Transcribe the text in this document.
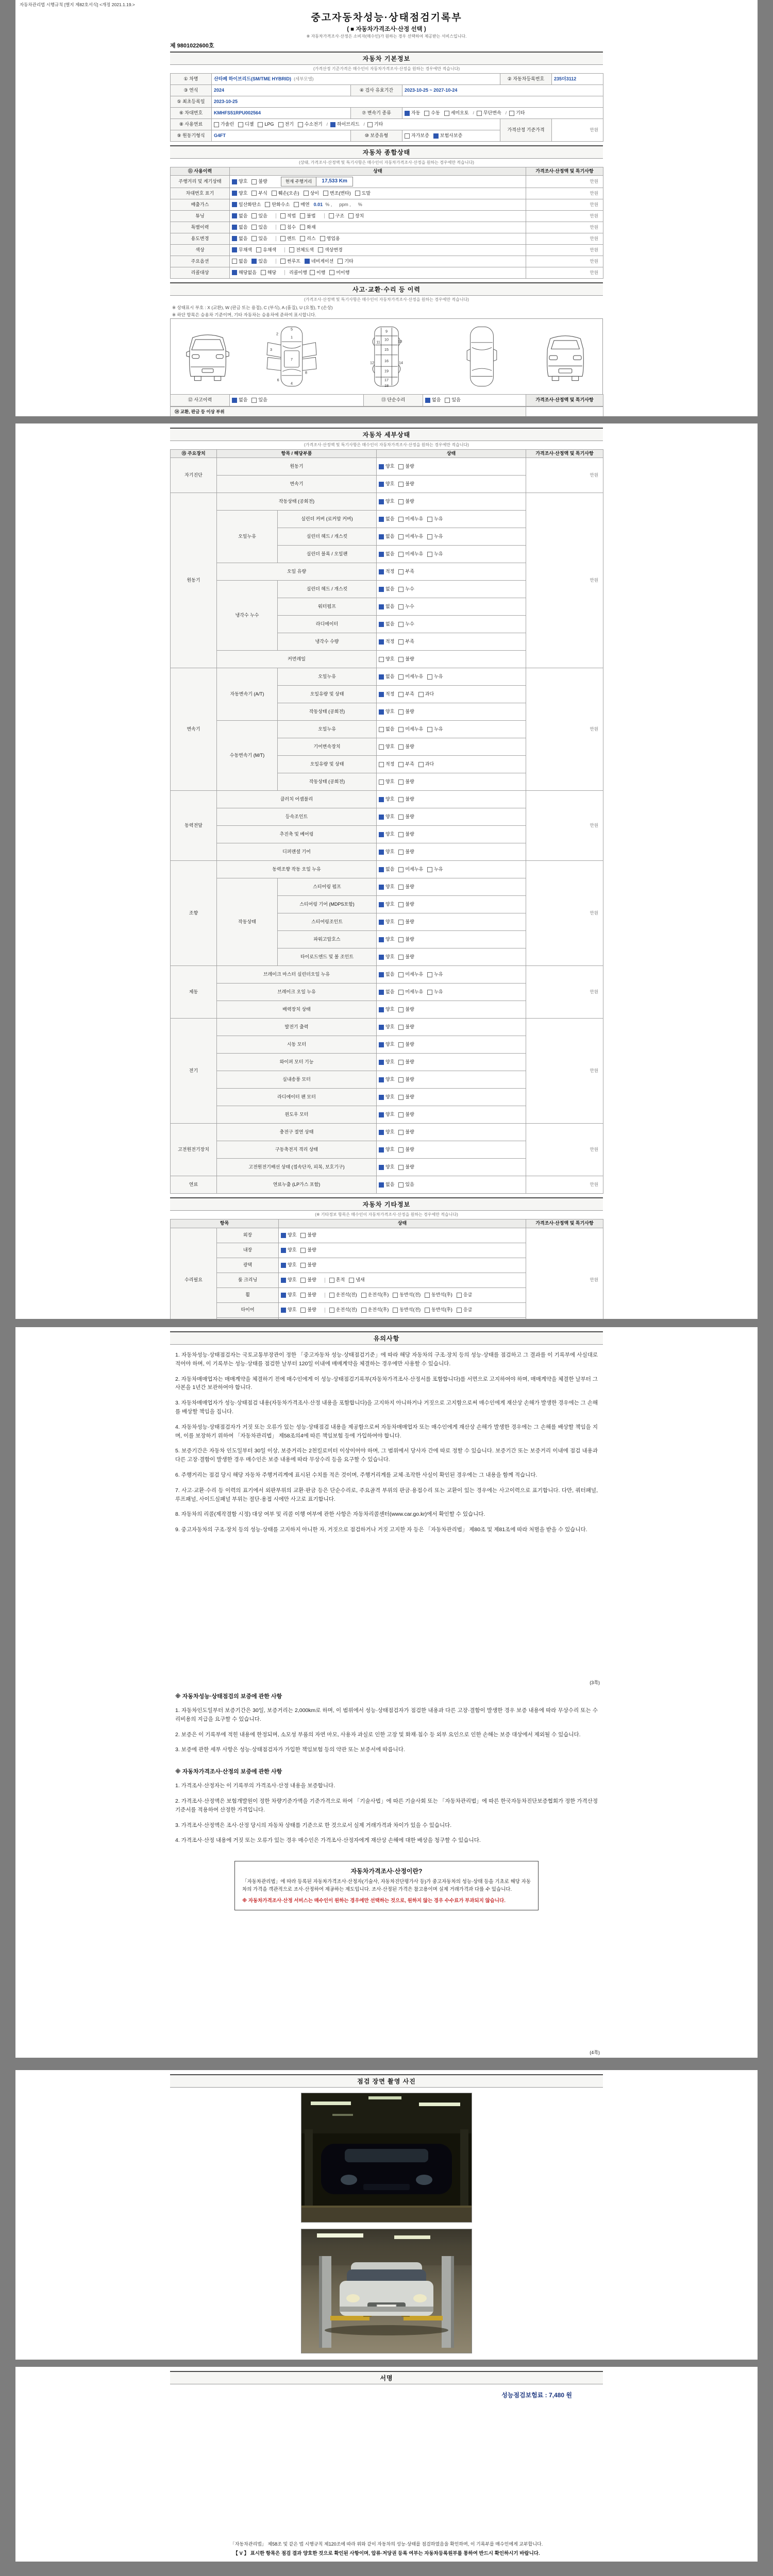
자동차관리법 시행규칙 [별지 제82호서식] <개정 2021.1.19.>
중고자동차성능·상태점검기록부
( ■ 자동차가격조사·산정 선택 )
※ 자동차가격조사·산정은 소비자(매수인)가 원하는 경우 선택하여 제공받는 서비스입니다.
제 9801022600호
자동차 기본정보
(가격산정 기준가격은 매수인이 자동차가격조사·산정을 원하는 경우에만 적습니다)
① 차명	산타페 하이브리드(SM/TME HYBRID) (세부모델)			② 자동차등록번호	235더3112
③ 연식	2024	④ 검사 유효기간	2023-10-25 ~ 2027-10-24		
⑤ 최초등록일	2023-10-25				
⑥ 차대번호	KMHFS51RPU002564	⑦ 변속기 종류	자동 수동 세미오토 / 무단변속 / 기타

⑧ 사용연료	가솔린 디젤 LPG 전기 수소전기 / 하이브리드 / 기타
	가격산정 기준가격	만원
⑨ 원동기형식	G4FT	⑩ 보증유형	자가보증 보험사보증		
자동차 종합상태
(상태, 가격조사·산정액 및 특기사항은 매수인이 자동차가격조사·산정을 원하는 경우에만 적습니다)
⑪ 사용이력	상태	가격조사·산정액 및 특기사항
주행거리 및 계기상태	양호 불량 현재 주행거리 17,533 Km	만원
차대번호 표기	양호 부식 훼손(오손) 상이 변조(변타) 도말	만원
배출가스	일산화탄소 탄화수소 매연 0.01 % ,　ppm ,　%	만원
튜닝	없음 있음	적법 불법	구조 장치	만원
특별이력	없음 있음 침수 화재	만원
용도변경	없음 있음 렌트 리스 영업용	만원
색상	무채색 유채색 전체도색 색상변경	만원
주요옵션	없음 있음 썬루프 네비게이션 기타	만원
리콜대상	해당없음 해당 리콜이행 이행 미이행	만원
사고·교환·수리 등 이력
(가격조사·산정액 및 특기사항은 매수인이 자동차가격조사·산정을 원하는 경우에만 적습니다)
※ 상태표시 부호 : X (교환), W (판금 또는 용접), C (부식), A (흠집), U (요철), T (손상)
※ 하단 항목은 승용차 기준이며, 기타 자동차는 승용차에 준하여 표시합니다.
5
1
2
3
7
8
6
4
9
10
11	13
15
12 16 14
19
17
18
⑫ 사고이력	없음 있음	⑬ 단순수리	없음 있음	가격조사·산정액 및 특기사항
⑭ 교환, 판금 등 이상 부위	

자동차 세부상태
(가격조사·산정액 및 특기사항은 매수인이 자동차가격조사·산정을 원하는 경우에만 적습니다)
⑮ 주요장치	항목 / 해당부품		상태	가격조사·산정액 및 특기사항
자기진단	원동기		양호 불량	만원
	변속기		양호 불량	

원동기	작동상태 (공회전)		양호 불량	만원
	오일누유	실린더 커버 (로커암 커버)	없음 미세누유 누유	

		실린더 헤드 / 개스킷	없음 미세누유 누유	

		실린더 블록 / 오일팬	없음 미세누유 누유	

	오일 유량		적정 부족	

	냉각수 누수	실린더 헤드 / 개스킷	없음 누수	

		워터펌프	없음 누수	

		라디에이터	없음 누수	

		냉각수 수량	적정 부족	

	커먼레일		양호 불량	

변속기	자동변속기 (A/T)	오일누유	없음 미세누유 누유	만원
		오일유량 및 상태	적정 부족 과다	

		작동상태 (공회전)	양호 불량	

	수동변속기 (M/T)	오일누유	없음 미세누유 누유	

		기어변속장치	양호 불량	

		오일유량 및 상태	적정 부족 과다	

		작동상태 (공회전)	양호 불량	

동력전달	클러치 어셈블리		양호 불량	만원
	등속조인트		양호 불량	

	추진축 및 베어링		양호 불량	

	디퍼렌셜 기어		양호 불량	

조향	동력조향 작동 오일 누유		없음 미세누유 누유	만원
	작동상태	스티어링 펌프	양호 불량	

		스티어링 기어 (MDPS포함)	양호 불량	

		스티어링조인트	양호 불량	

		파워고압호스	양호 불량	

		타이로드엔드 및 볼 조인트	양호 불량	

제동	브레이크 마스터 실린더오일 누유		없음 미세누유 누유	만원
	브레이크 오일 누유		없음 미세누유 누유	

	배력장치 상태		양호 불량	

전기	발전기 출력		양호 불량	만원
	시동 모터		양호 불량	

	와이퍼 모터 기능		양호 불량	

	실내송풍 모터		양호 불량	

	라디에이터 팬 모터		양호 불량	

	윈도우 모터		양호 불량	

고전원전기장치	충전구 절연 상태		양호 불량	만원
	구동축전지 격리 상태		양호 불량	

	고전원전기배선 상태 (접속단자, 피복, 보호기구)		양호 불량	

연료	연료누출 (LP가스 포함)		없음 있음	만원
자동차 기타정보
(※ 기타정보 항목은 매수인이 자동차가격조사·산정을 원하는 경우에만 적습니다)
항목		상태	가격조사·산정액 및 특기사항
수리필요	외장	양호 불량	만원
	내장	양호 불량	

	광택	양호 불량	

	룸 크리닝	양호 불량 흔적 냄새	

휠	양호 불량	운전석(전) 운전석(후) 동반석(전) 동반석(후) 응급

타이어	양호 불량	운전석(전) 운전석(후) 동반석(전) 동반석(후) 응급

유의사항
1. 자동차성능·상태점검자는 국토교통부장관이 정한 「중고자동차 성능·상태점검기준」에 따라 해당 자동차의 구조·장치 등의 성능·상태를 점검하고 그 결과를 이 기록부에 사실대로 적어야 하며, 이 기록부는 성능·상태를 점검한 날부터 120일 이내에 매매계약을 체결하는 경우에만 사용할 수 있습니다.
2. 자동차매매업자는 매매계약을 체결하기 전에 매수인에게 이 성능·상태점검기록부(자동차가격조사·산정서를 포함합니다)를 서면으로 고지하여야 하며, 매매계약을 체결한 날부터 그 사본을 1년간 보관하여야 합니다.
3. 자동차매매업자가 성능·상태점검 내용(자동차가격조사·산정 내용을 포함합니다)을 고지하지 아니하거나 거짓으로 고지함으로써 매수인에게 재산상 손해가 발생한 경우에는 그 손해를 배상할 책임을 집니다.
4. 자동차성능·상태점검자가 거짓 또는 오류가 있는 성능·상태점검 내용을 제공함으로써 자동차매매업자 또는 매수인에게 재산상 손해가 발생한 경우에는 그 손해를 배상할 책임을 지며, 이를 보장하기 위하여 「자동차관리법」 제58조의4에 따른 책임보험 등에 가입하여야 합니다.
5. 보증기간은 자동차 인도일부터 30일 이상, 보증거리는 2천킬로미터 이상이어야 하며, 그 범위에서 당사자 간에 따로 정할 수 있습니다. 보증기간 또는 보증거리 이내에 점검 내용과 다른 고장·결함이 발생한 경우 매수인은 보증 내용에 따라 무상수리 등을 요구할 수 있습니다.
6. 주행거리는 점검 당시 해당 자동차 주행거리계에 표시된 수치를 적은 것이며, 주행거리계를 교체·조작한 사실이 확인된 경우에는 그 내용을 함께 적습니다.
7. 사고·교환·수리 등 이력의 표기에서 외판부위의 교환·판금 등은 단순수리로, 주요골격 부위의 판금·용접수리 또는 교환이 있는 경우에는 사고이력으로 표기합니다. 다만, 쿼터패널, 루프패널, 사이드실패널 부위는 절단·용접 시에만 사고로 표기합니다.
8. 자동차의 리콜(제작결함 시정) 대상 여부 및 리콜 이행 여부에 관한 사항은 자동차리콜센터(www.car.go.kr)에서 확인할 수 있습니다.
9. 중고자동차의 구조·장치 등의 성능·상태를 고지하지 아니한 자, 거짓으로 점검하거나 거짓 고지한 자 등은 「자동차관리법」 제80조 및 제81조에 따라 처벌을 받을 수 있습니다.
(3쪽)
※ 자동차성능·상태점검의 보증에 관한 사항
1. 자동차인도일부터 보증기간은 30일, 보증거리는 2,000km로 하며, 이 범위에서 성능·상태점검자가 점검한 내용과 다른 고장·결함이 발생한 경우 보증 내용에 따라 무상수리 또는 수리비용의 지급을 요구할 수 있습니다.
2. 보증은 이 기록부에 적힌 내용에 한정되며, 소모성 부품의 자연 마모, 사용자 과실로 인한 고장 및 화재·침수 등 외부 요인으로 인한 손해는 보증 대상에서 제외될 수 있습니다.
3. 보증에 관한 세부 사항은 성능·상태점검자가 가입한 책임보험 등의 약관 또는 보증서에 따릅니다.
※ 자동차가격조사·산정의 보증에 관한 사항
1. 가격조사·산정자는 이 기록부의 가격조사·산정 내용을 보증합니다.
2. 가격조사·산정액은 보험개발원이 정한 차량기준가액을 기준가격으로 하여 「기술사법」에 따른 기술사회 또는 「자동차관리법」에 따른 한국자동차진단보증협회가 정한 가격산정 기준서를 적용하여 산정한 가격입니다.
3. 가격조사·산정액은 조사·산정 당시의 자동차 상태를 기준으로 한 것으로서 실제 거래가격과 차이가 있을 수 있습니다.
4. 가격조사·산정 내용에 거짓 또는 오류가 있는 경우 매수인은 가격조사·산정자에게 재산상 손해에 대한 배상을 청구할 수 있습니다.
자동차가격조사·산정이란?
「자동차관리법」에 따라 등록된 자동차가격조사·산정자(기술사, 자동차진단평가사 등)가 중고자동차의 성능·상태 등을 기초로 해당 자동차의 가격을 객관적으로 조사·산정하여 제공하는 제도입니다. 조사·산정된 가격은 참고용이며 실제 거래가격과 다를 수 있습니다.
※ 자동차가격조사·산정 서비스는 매수인이 원하는 경우에만 선택하는 것으로, 원하지 않는 경우 수수료가 부과되지 않습니다.
(4쪽)
점검 장면 촬영 사진
서명
성능점검보험료 : 7,480 원
「자동차관리법」 제58조 및 같은 법 시행규칙 제120조에 따라 위와 같이 자동차의 성능·상태를 점검하였음을 확인하며, 이 기록부를 매수인에게 교부합니다.
【 V 】 표시한 항목은 점검 결과 양호한 것으로 확인된 사항이며, 압류·저당권 등록 여부는 자동차등록원부를 통하여 반드시 확인하시기 바랍니다.
